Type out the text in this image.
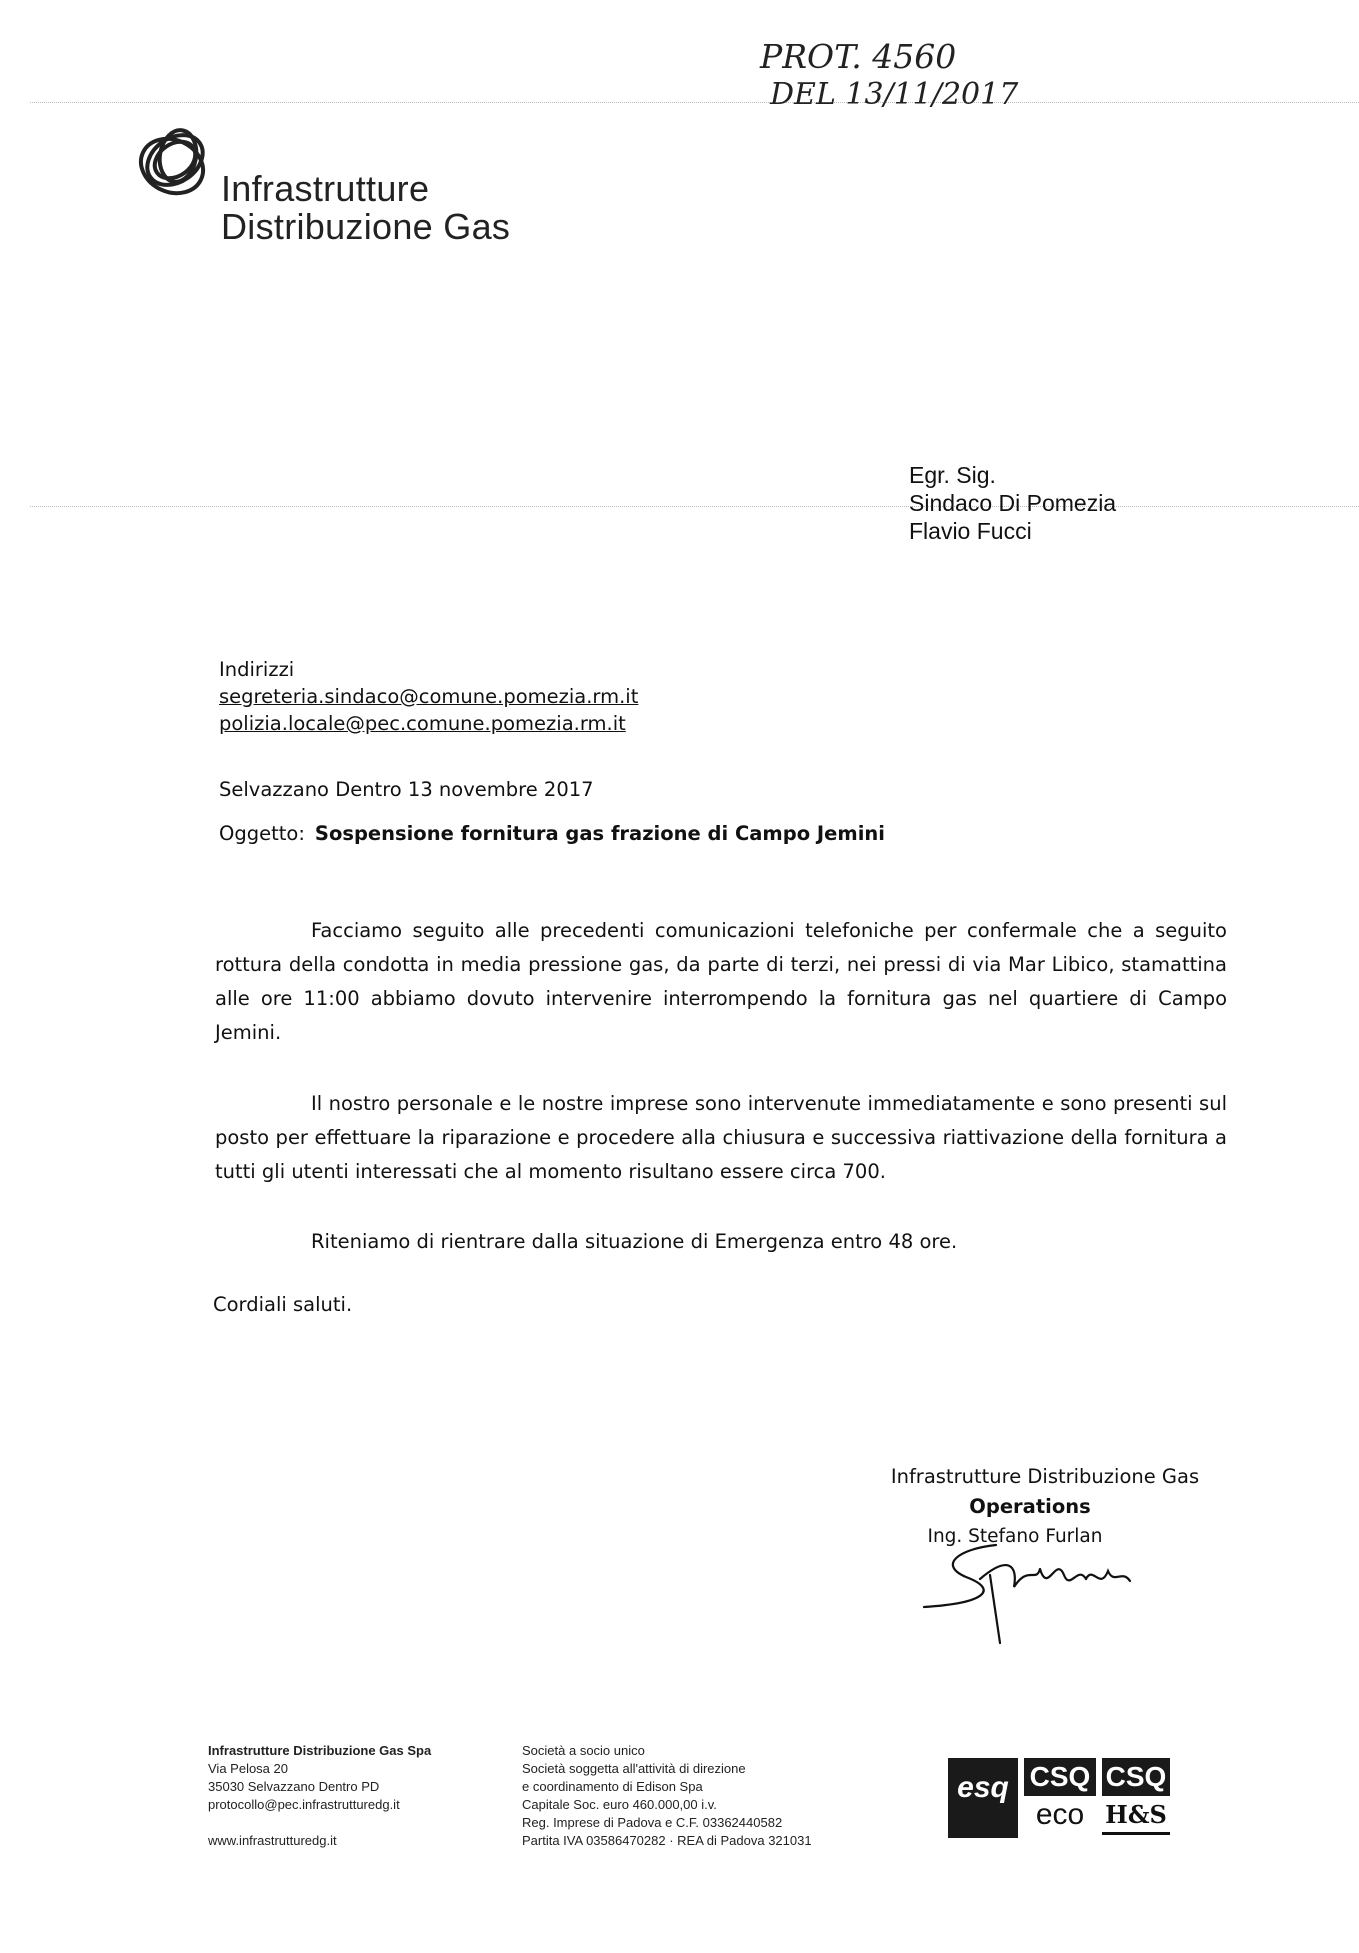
PROT. 4560
DEL 13/11/2017
Infrastrutture
Distribuzione Gas
Egr. Sig.
Sindaco Di Pomezia
Flavio Fucci
Indirizzi
segreteria.sindaco@comune.pomezia.rm.it
polizia.locale@pec.comune.pomezia.rm.it
Selvazzano Dentro 13 novembre 2017
Oggetto: Sospensione fornitura gas frazione di Campo Jemini

Facciamo seguito alle precedenti comunicazioni telefoniche per confermale che a seguito rottura della condotta in media pressione gas, da parte di terzi, nei pressi di via Mar Libico, stamattina alle ore 11:00 abbiamo dovuto intervenire interrompendo la fornitura gas nel quartiere di Campo Jemini.

Il nostro personale e le nostre imprese sono intervenute immediatamente e sono presenti sul posto per effettuare la riparazione e procedere alla chiusura e successiva riattivazione della fornitura a tutti gli utenti interessati che al momento risultano essere circa 700.

Riteniamo di rientrare dalla situazione di Emergenza entro 48 ore.

Cordiali saluti.
Infrastrutture Distribuzione Gas
Operations
Ing. Stefano Furlan
Infrastrutture Distribuzione Gas Spa
Via Pelosa 20
35030 Selvazzano Dentro PD
protocollo@pec.infrastrutturedg.it
www.infrastrutturedg.it
Società a socio unico
Società soggetta all'attività di direzione
e coordinamento di Edison Spa
Capitale Soc. euro 460.000,00 i.v.
Reg. Imprese di Padova e C.F. 03362440582
Partita IVA 03586470282 · REA di Padova 321031
esq CSQ
eco
CSQ
H&S
